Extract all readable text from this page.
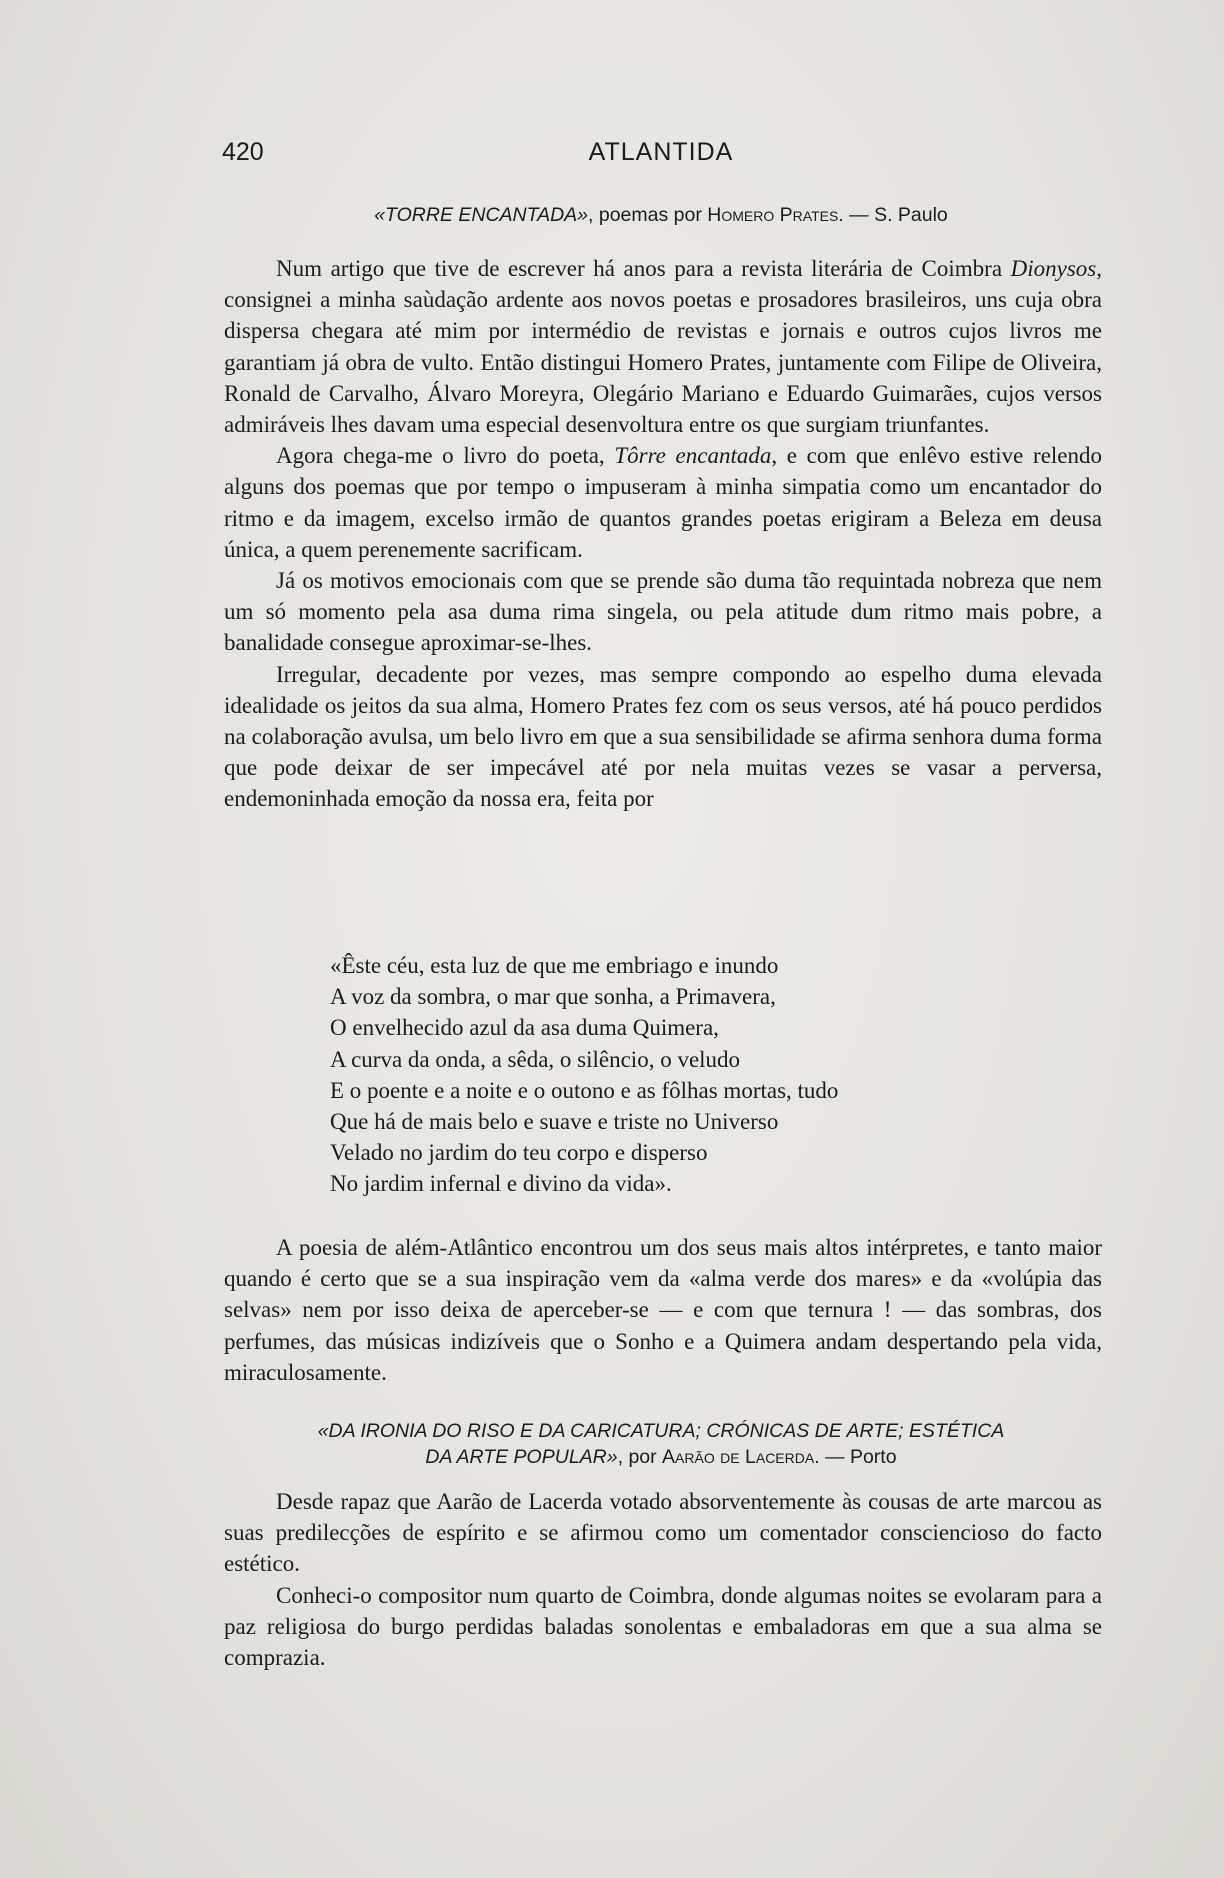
420	ATLANTIDA
«TORRE ENCANTADA», poemas por Homero Prates. — S. Paulo

Num artigo que tive de escrever há anos para a revista literária de Coimbra Dionysos, consignei a minha saùdação ardente aos novos poetas e prosadores brasileiros, uns cuja obra dispersa chegara até mim por intermédio de revistas e jornais e outros cujos livros me garantiam já obra de vulto. Então distingui Homero Prates, juntamente com Filipe de Oliveira, Ronald de Carvalho, Álvaro Moreyra, Olegário Mariano e Eduardo Guimarães, cujos versos admiráveis lhes davam uma especial desenvoltura entre os que surgiam triunfantes.

Agora chega-me o livro do poeta, Tôrre encantada, e com que enlêvo estive relendo alguns dos poemas que por tempo o impuseram à minha simpatia como um encantador do ritmo e da imagem, excelso irmão de quantos grandes poetas erigiram a Beleza em deusa única, a quem perenemente sacrificam.

Já os motivos emocionais com que se prende são duma tão requintada nobreza que nem um só momento pela asa duma rima singela, ou pela atitude dum ritmo mais pobre, a banalidade consegue aproximar-se-lhes.

Irregular, decadente por vezes, mas sempre compondo ao espelho duma elevada idealidade os jeitos da sua alma, Homero Prates fez com os seus versos, até há pouco perdidos na colaboração avulsa, um belo livro em que a sua sensibilidade se afirma senhora duma forma que pode deixar de ser impecável até por nela muitas vezes se vasar a perversa, endemoninhada emoção da nossa era, feita por

«Êste céu, esta luz de que me embriago e inundo
A voz da sombra, o mar que sonha, a Primavera,
O envelhecido azul da asa duma Quimera,
A curva da onda, a sêda, o silêncio, o veludo
E o poente e a noite e o outono e as fôlhas mortas, tudo
Que há de mais belo e suave e triste no Universo
Velado no jardim do teu corpo e disperso
No jardim infernal e divino da vida».

A poesia de além-Atlântico encontrou um dos seus mais altos intérpretes, e tanto maior quando é certo que se a sua inspiração vem da «alma verde dos mares» e da «volúpia das selvas» nem por isso deixa de aperceber-se — e com que ternura ! — das sombras, dos perfumes, das músicas indizíveis que o Sonho e a Quimera andam despertando pela vida, miraculosamente.

«DA IRONIA DO RISO E DA CARICATURA; CRÓNICAS DE ARTE; ESTÉTICA
DA ARTE POPULAR», por Aarão de Lacerda. — Porto

Desde rapaz que Aarão de Lacerda votado absorventemente às cousas de arte marcou as suas predilecções de espírito e se afirmou como um comentador consciencioso do facto estético.

Conheci-o compositor num quarto de Coimbra, donde algumas noites se evolaram para a paz religiosa do burgo perdidas baladas sonolentas e embaladoras em que a sua alma se comprazia.
